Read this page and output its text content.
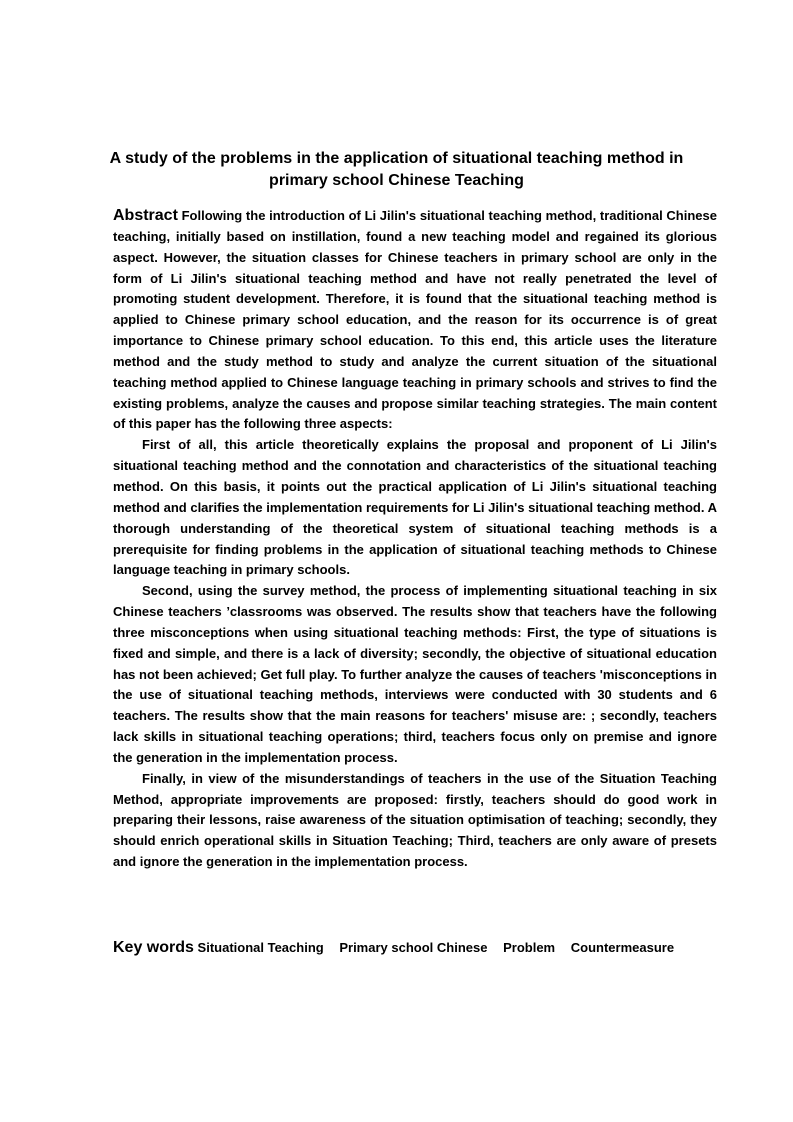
A study of the problems in the application of situational teaching method in
primary school Chinese Teaching

Abstract Following the introduction of Li Jilin's situational teaching method, traditional Chinese teaching, initially based on instillation, found a new teaching model and regained its glorious aspect. However, the situation classes for Chinese teachers in primary school are only in the form of Li Jilin's situational teaching method and have not really penetrated the level of promoting student development. Therefore, it is found that the situational teaching method is applied to Chinese primary school education, and the reason for its occurrence is of great importance to Chinese primary school education. To this end, this article uses the literature method and the study method to study and analyze the current situation of the situational teaching method applied to Chinese language teaching in primary schools and strives to find the existing problems, analyze the causes and propose similar teaching strategies. The main content of this paper has the following three aspects:

First of all, this article theoretically explains the proposal and proponent of Li Jilin's situational teaching method and the connotation and characteristics of the situational teaching method. On this basis, it points out the practical application of Li Jilin's situational teaching method and clarifies the implementation requirements for Li Jilin's situational teaching method. A thorough understanding of the theoretical system of situational teaching methods is a prerequisite for finding problems in the application of situational teaching methods to Chinese language teaching in primary schools.

Second, using the survey method, the process of implementing situational teaching in six Chinese teachers ’classrooms was observed. The results show that teachers have the following three misconceptions when using situational teaching methods: First, the type of situations is fixed and simple, and there is a lack of diversity; secondly, the objective of situational education has not been achieved; Get full play. To further analyze the causes of teachers 'misconceptions in the use of situational teaching methods, interviews were conducted with 30 students and 6 teachers. The results show that the main reasons for teachers' misuse are: ; secondly, teachers lack skills in situational teaching operations; third, teachers focus only on premise and ignore the generation in the implementation process.

Finally, in view of the misunderstandings of teachers in the use of the Situation Teaching Method, appropriate improvements are proposed: firstly, teachers should do good work in preparing their lessons, raise awareness of the situation optimisation of teaching; secondly, they should enrich operational skills in Situation Teaching; Third, teachers are only aware of presets and ignore the generation in the implementation process.

Key words Situational Teaching Primary school Chinese Problem Countermeasure
